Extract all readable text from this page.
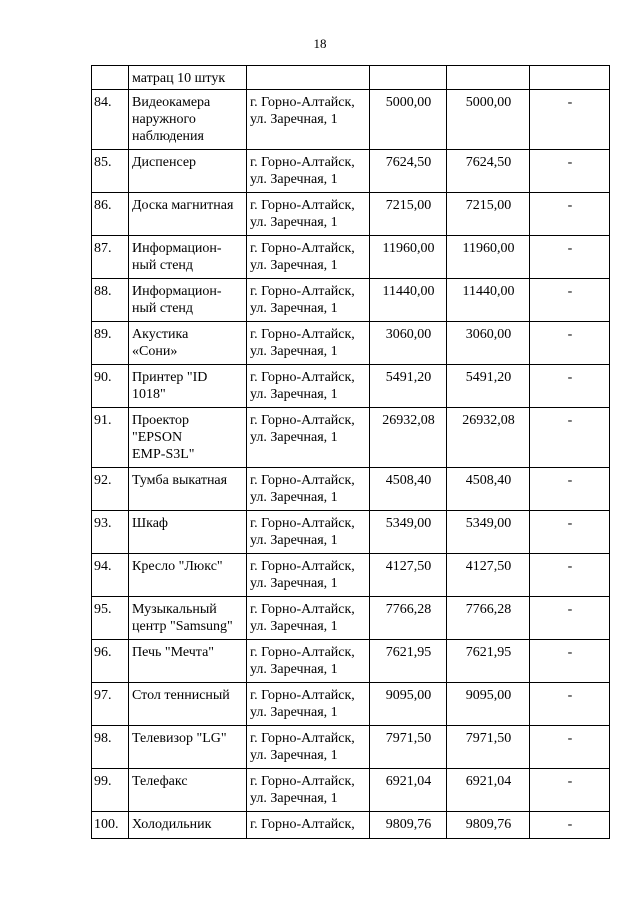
18

	матрац 10 штук				

84.	Видеокамера
наружного
наблюдения	г. Горно-Алтайск,
ул. Заречная, 1	5000,00	5000,00	-
85.	Диспенсер	г. Горно-Алтайск,
ул. Заречная, 1	7624,50	7624,50	-
86.	Доска магнитная	г. Горно-Алтайск,
ул. Заречная, 1	7215,00	7215,00	-
87.	Информацион-
ный стенд	г. Горно-Алтайск,
ул. Заречная, 1	11960,00	11960,00	-
88.	Информацион-
ный стенд	г. Горно-Алтайск,
ул. Заречная, 1	11440,00	11440,00	-
89.	Акустика
«Сони»	г. Горно-Алтайск,
ул. Заречная, 1	3060,00	3060,00	-
90.	Принтер "ID
1018"	г. Горно-Алтайск,
ул. Заречная, 1	5491,20	5491,20	-
91.	Проектор
"EPSON
EMP-S3L"	г. Горно-Алтайск,
ул. Заречная, 1	26932,08	26932,08	-
92.	Тумба выкатная	г. Горно-Алтайск,
ул. Заречная, 1	4508,40	4508,40	-
93.	Шкаф	г. Горно-Алтайск,
ул. Заречная, 1	5349,00	5349,00	-
94.	Кресло "Люкс"	г. Горно-Алтайск,
ул. Заречная, 1	4127,50	4127,50	-
95.	Музыкальный
центр "Samsung"	г. Горно-Алтайск,
ул. Заречная, 1	7766,28	7766,28	-
96.	Печь "Мечта"	г. Горно-Алтайск,
ул. Заречная, 1	7621,95	7621,95	-
97.	Стол теннисный	г. Горно-Алтайск,
ул. Заречная, 1	9095,00	9095,00	-
98.	Телевизор "LG"	г. Горно-Алтайск,
ул. Заречная, 1	7971,50	7971,50	-
99.	Телефакс	г. Горно-Алтайск,
ул. Заречная, 1	6921,04	6921,04	-
100.	Холодильник	г. Горно-Алтайск,	9809,76	9809,76	-
